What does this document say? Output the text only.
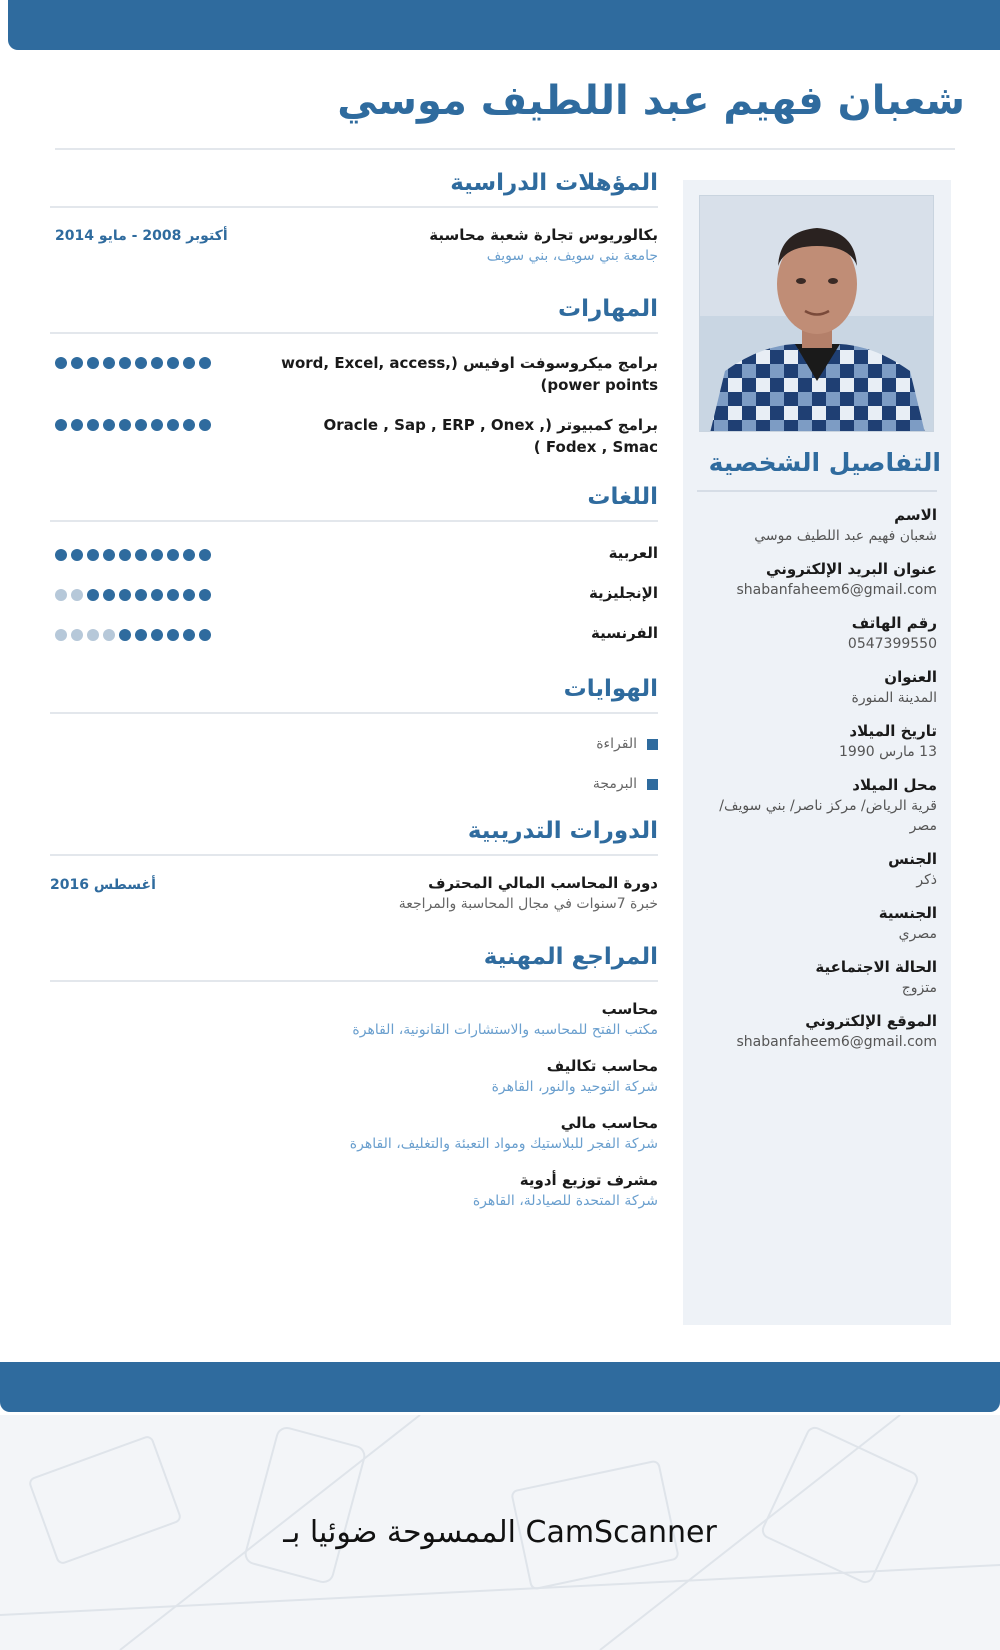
شعبان فهيم عبد اللطيف موسي
التفاصيل الشخصية
الاسم
شعبان فهيم عبد اللطيف موسي
عنوان البريد الإلكتروني
shabanfaheem6@gmail.com
رقم الهاتف
0547399550
العنوان
المدينة المنورة
تاريخ الميلاد
13 مارس 1990
محل الميلاد
قرية الرياض/ مركز ناصر/ بني سويف/ مصر
الجنس
ذكر
الجنسية
مصري
الحالة الاجتماعية
متزوج
الموقع الإلكتروني
shabanfaheem6@gmail.com
المؤهلات الدراسية
بكالوريوس تجارة شعبة محاسبة
جامعة بني سويف، بني سويف
أكتوبر 2008 - مايو 2014
المهارات
برامج ميكروسوفت اوفيس (word, Excel, access, power points)
برامج كمبيوتر (Oracle , Sap , ERP , Onex , Fodex , Smac )
اللغات
العربية
الإنجليزية
الفرنسية
الهوايات
القراءة
البرمجة
الدورات التدريبية
دورة المحاسب المالي المحترف
خبرة 7سنوات في مجال المحاسبة والمراجعة
أغسطس 2016
المراجع المهنية
محاسب
مكتب الفتح للمحاسبه والاستشارات القانونية، القاهرة
محاسب تكاليف
شركة التوحيد والنور، القاهرة
محاسب مالي
شركة الفجر للبلاستيك ومواد التعبئة والتغليف، القاهرة
مشرف توزيع أدوية
شركة المتحدة للصيادلة، القاهرة
الممسوحة ضوئيا بـ CamScanner
